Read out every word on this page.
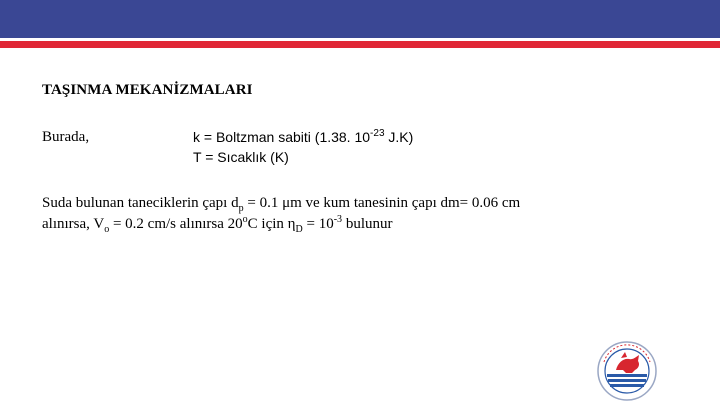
TAŞINMA MEKANİZMALARI
Burada,	k = Boltzman sabiti (1.38. $10^{-23}$ J.K)
T = Sıcaklık (K)
Suda bulunan taneciklerin çapı $d_p = 0.1$ μm ve kum tanesinin çapı dm= 0.06 cm
alınırsa, $V_o = 0.2$ cm/s alınırsa 20$^o$C için $\eta_D = 10^{-3}$ bulunur
